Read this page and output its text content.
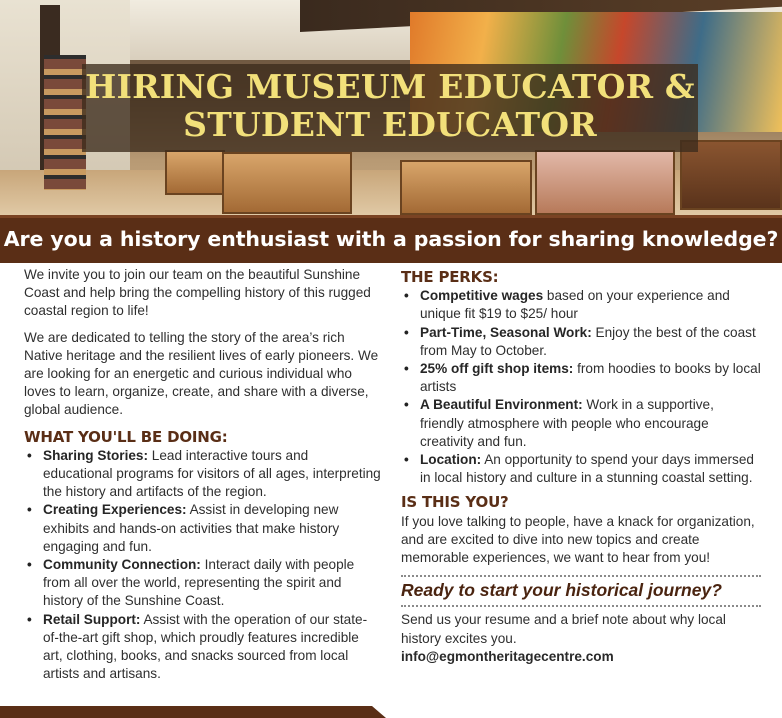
HIRING MUSEUM EDUCATOR &
STUDENT EDUCATOR
Are you a history enthusiast with a passion for sharing knowledge?

We invite you to join our team on the beautiful Sunshine Coast and help bring the compelling history of this rugged coastal region to life!

We are dedicated to telling the story of the area’s rich Native heritage and the resilient lives of early pioneers. We are looking for an energetic and curious individual who loves to learn, organize, create, and share with a diverse, global audience.

WHAT YOU'LL BE DOING:
• Sharing Stories: Lead interactive tours and educational programs for visitors of all ages, interpreting the history and artifacts of the region.
• Creating Experiences: Assist in developing new exhibits and hands-on activities that make history engaging and fun.
• Community Connection: Interact daily with people from all over the world, representing the spirit and history of the Sunshine Coast.
• Retail Support: Assist with the operation of our state-of-the-art gift shop, which proudly features incredible art, clothing, books, and snacks sourced from local artists and artisans.
THE PERKS:
• Competitive wages based on your experience and unique fit $19 to $25/ hour
• Part-Time, Seasonal Work: Enjoy the best of the coast from May to October.
• 25% off gift shop items: from hoodies to books by local artists
• A Beautiful Environment: Work in a supportive, friendly atmosphere with people who encourage creativity and fun.
• Location: An opportunity to spend your days immersed in local history and culture in a stunning coastal setting.
IS THIS YOU?

If you love talking to people, have a knack for organization, and are excited to dive into new topics and create memorable experiences, we want to hear from you!

Ready to start your historical journey?

Send us your resume and a brief note about why local history excites you.

info@egmontheritagecentre.com
